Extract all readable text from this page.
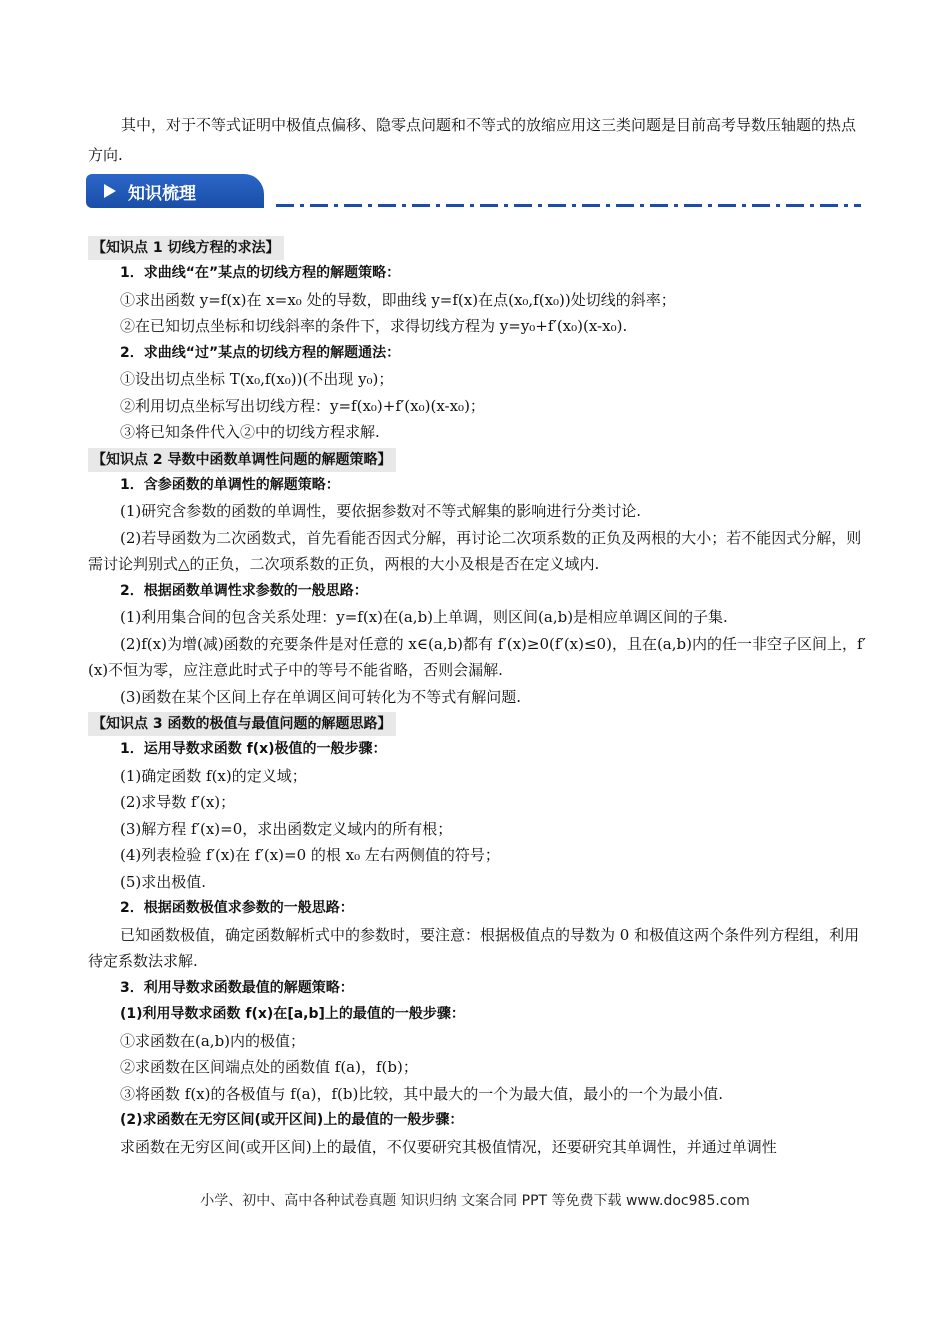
其中，对于不等式证明中极值点偏移、隐零点问题和不等式的放缩应用这三类问题是目前高考导数压轴题的热点方向.

知识梳理
【知识点 1 切线方程的求法】

1．求曲线“在”某点的切线方程的解题策略：

①求出函数 y=f(x)在 x=x₀ 处的导数，即曲线 y=f(x)在点(x₀,f(x₀))处切线的斜率；

②在已知切点坐标和切线斜率的条件下，求得切线方程为 y=y₀+f′(x₀)(x-x₀).

2．求曲线“过”某点的切线方程的解题通法：

①设出切点坐标 T(x₀,f(x₀))(不出现 y₀)；

②利用切点坐标写出切线方程：y=f(x₀)+f′(x₀)(x-x₀)；

③将已知条件代入②中的切线方程求解.

【知识点 2 导数中函数单调性问题的解题策略】

1．含参函数的单调性的解题策略：

(1)研究含参数的函数的单调性，要依据参数对不等式解集的影响进行分类讨论.

(2)若导函数为二次函数式，首先看能否因式分解，再讨论二次项系数的正负及两根的大小；若不能因式分解，则需讨论判别式△的正负，二次项系数的正负，两根的大小及根是否在定义域内.

2．根据函数单调性求参数的一般思路：

(1)利用集合间的包含关系处理：y=f(x)在(a,b)上单调，则区间(a,b)是相应单调区间的子集.

(2)f(x)为增(减)函数的充要条件是对任意的 x∈(a,b)都有 f′(x)≥0(f′(x)≤0)，且在(a,b)内的任一非空子区间上，f′(x)不恒为零，应注意此时式子中的等号不能省略，否则会漏解.

(3)函数在某个区间上存在单调区间可转化为不等式有解问题.

【知识点 3 函数的极值与最值问题的解题思路】

1．运用导数求函数 f(x)极值的一般步骤：

(1)确定函数 f(x)的定义域；

(2)求导数 f′(x)；

(3)解方程 f′(x)=0，求出函数定义域内的所有根；

(4)列表检验 f′(x)在 f′(x)=0 的根 x₀ 左右两侧值的符号；

(5)求出极值.

2．根据函数极值求参数的一般思路：

已知函数极值，确定函数解析式中的参数时，要注意：根据极值点的导数为 0 和极值这两个条件列方程组，利用待定系数法求解.

3．利用导数求函数最值的解题策略：

(1)利用导数求函数 f(x)在[a,b]上的最值的一般步骤：

①求函数在(a,b)内的极值；

②求函数在区间端点处的函数值 f(a)，f(b)；

③将函数 f(x)的各极值与 f(a)，f(b)比较，其中最大的一个为最大值，最小的一个为最小值.

(2)求函数在无穷区间(或开区间)上的最值的一般步骤：

求函数在无穷区间(或开区间)上的最值，不仅要研究其极值情况，还要研究其单调性，并通过单调性

小学、初中、高中各种试卷真题 知识归纳 文案合同 PPT 等免费下载 www.doc985.com
